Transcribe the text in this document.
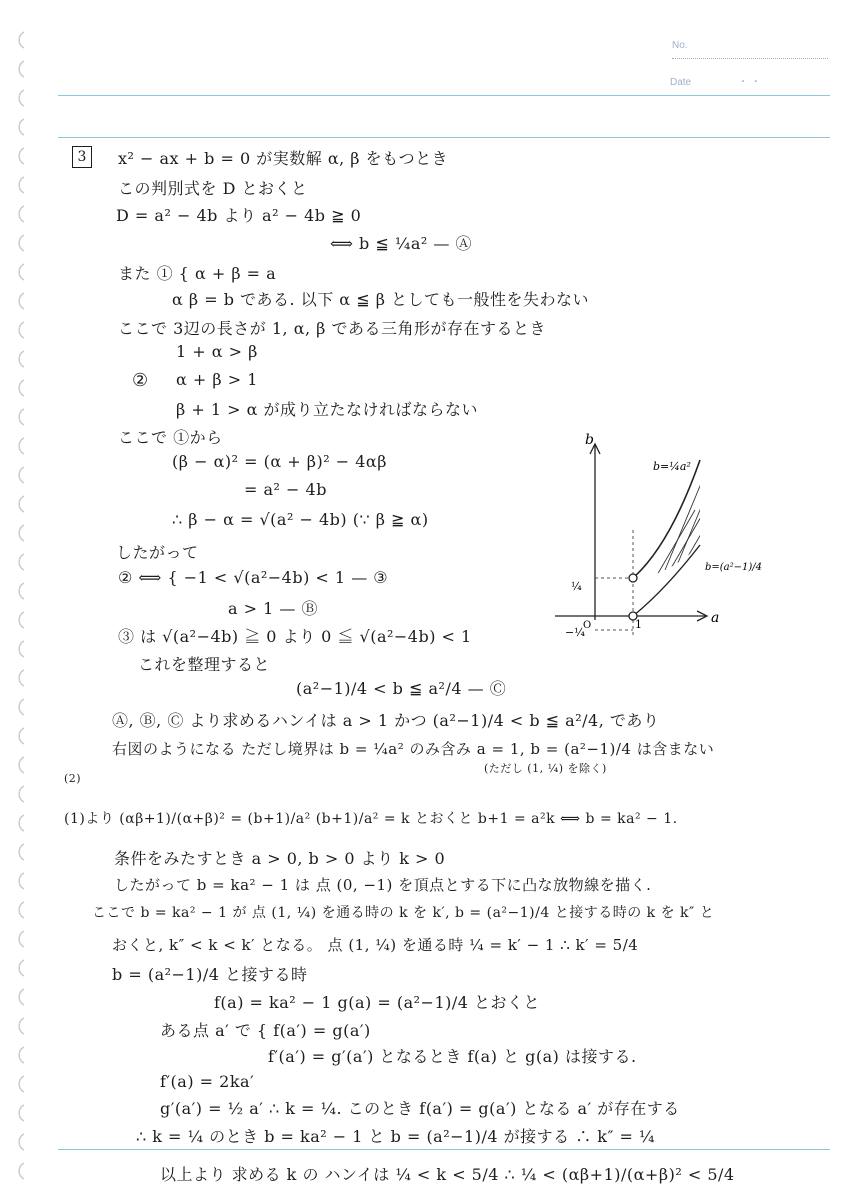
No.
Date	・ ・
3	x² − ax + b = 0 が実数解 α, β をもつとき
この判別式を D とおくと
D = a² − 4b より a² − 4b ≧ 0
⟺ b ≦ ¼a² — Ⓐ
また ① { α + β = a
α β = b である. 以下 α ≦ β としても一般性を失わない
ここで 3辺の長さが 1, α, β である三角形が存在するとき
1 + α > β
② α + β > 1
β + 1 > α が成り立たなければならない
ここで ①から
(β − α)² = (α + β)² − 4αβ
= a² − 4b
∴ β − α = √(a² − 4b) (∵ β ≧ α)
したがって
② ⟺ { −1 < √(a²−4b) < 1 — ③
a > 1 — Ⓑ
③ は √(a²−4b) ≧ 0 より 0 ≦ √(a²−4b) < 1
これを整理すると
(a²−1)/4 < b ≦ a²/4 — Ⓒ
Ⓐ, Ⓑ, Ⓒ より求めるハンイは a > 1 かつ (a²−1)/4 < b ≦ a²/4, であり
右図のようになる ただし境界は b = ¼a² のみ含み a = 1, b = (a²−1)/4 は含まない
(ただし (1, ¼) を除く)
(2)
(1)より (αβ+1)/(α+β)² = (b+1)/a² (b+1)/a² = k とおくと b+1 = a²k ⟺ b = ka² − 1.
条件をみたすとき a > 0, b > 0 より k > 0
したがって b = ka² − 1 は 点 (0, −1) を頂点とする下に凸な放物線を描く.
ここで b = ka² − 1 が 点 (1, ¼) を通る時の k を k′, b = (a²−1)/4 と接する時の k を k″ と
おくと, k″ < k < k′ となる。 点 (1, ¼) を通る時 ¼ = k′ − 1 ∴ k′ = 5/4
b = (a²−1)/4 と接する時
f(a) = ka² − 1 g(a) = (a²−1)/4 とおくと
ある点 a′ で { f(a′) = g(a′)
f′(a′) = g′(a′) となるとき f(a) と g(a) は接する.
f′(a) = 2ka′
g′(a′) = ½ a′ ∴ k = ¼. このとき f(a′) = g(a′) となる a′ が存在する
∴ k = ¼ のとき b = ka² − 1 と b = (a²−1)/4 が接する ∴ k″ = ¼
以上より 求める k の ハンイは ¼ < k < 5/4 ∴ ¼ < (αβ+1)/(α+β)² < 5/4
b
a
b=¼a²
b=(a²−1)/4
¼
−¼
1
O
